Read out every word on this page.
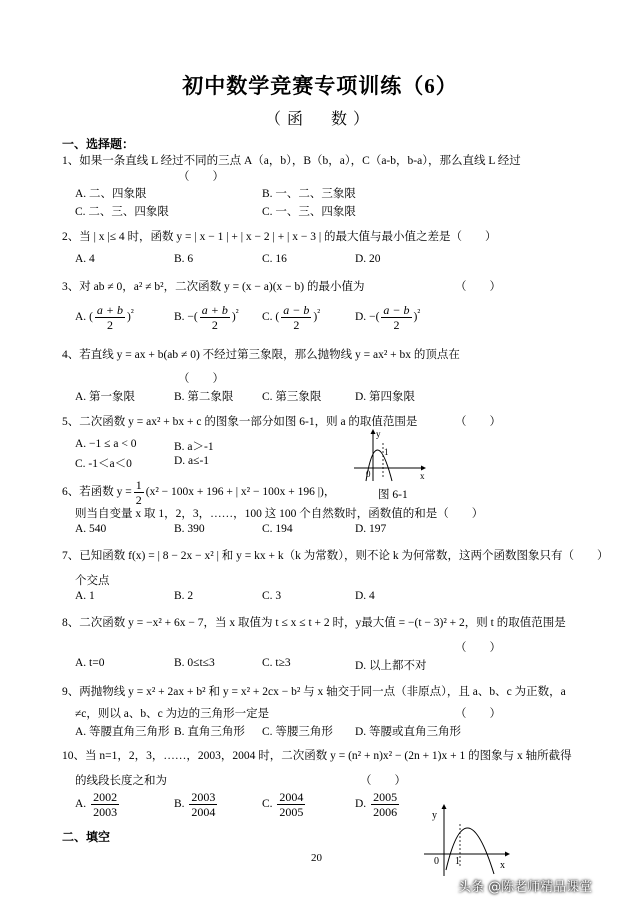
初中数学竞赛专项训练（6）
（函　数）
一、选择题：
1、如果一条直线 L 经过不同的三点 A（a，b），B（b，a），C（a-b，b-a），那么直线 L 经过
（　　）
A. 二、四象限	B. 一、二、三象限
C. 二、三、四象限	C. 一、三、四象限
2、当 | x |≤ 4 时，函数 y = | x − 1 | + | x − 2 | + | x − 3 | 的最大值与最小值之差是（　　）
A. 4	B. 6	C. 16	D. 20
3、对 ab ≠ 0，a² ≠ b²，二次函数 y = (x − a)(x − b) 的最小值为	（　　）
A. ( $\frac{a + b}{2} )^{^2}$	B. −( $\frac{a + b}{2} )^{^2}$ C. ( $\frac{a - b}{2} )^{^2}$	D. −( $\frac{a - b}{2} )^{^2}$
4、若直线 y = ax + b(ab ≠ 0) 不经过第三象限，那么抛物线 y = ax² + bx 的顶点在
（　　）
A. 第一象限	B. 第二象限 C. 第三象限	D. 第四象限
5、二次函数 y = ax² + bx + c 的图象一部分如图 6-1，则 a 的取值范围是	（　　）
A. −1 ≤ a < 0	B. a＞-1
C. -1＜a＜0	D. a≤-1
y
0
1
x
图 6-1
6、若函数 $y = \frac{1}{2} (x^2 - 100x + 196$ + | x² − 100x + 196 |)，
则当自变量 x 取 1，2，3，……，100 这 100 个自然数时，函数值的和是（　　）
A. 540	B. 390	C. 194	D. 197
7、已知函数 f(x) = | 8 − 2x − x² | 和 y = kx + k（k 为常数），则不论 k 为何常数，这两个函数图象只有（　　）
个交点
A. 1	B. 2	C. 3	D. 4
8、二次函数 y = −x² + 6x − 7，当 x 取值为 t ≤ x ≤ t + 2 时，y最大值 = −(t − 3)² + 2，则 t 的取值范围是
（　　）
A. t=0	B. 0≤t≤3	C. t≥3	D. 以上都不对
9、两抛物线 y = x² + 2ax + b² 和 y = x² + 2cx − b² 与 x 轴交于同一点（非原点），且 a、b、c 为正数，a
≠c，则以 a、b、c 为边的三角形一定是	（　　）
A. 等腰直角三角形 B. 直角三角形 C. 等腰三角形 D. 等腰或直角三角形
10、当 n=1，2，3，……，2003，2004 时，二次函数 y = (n² + n)x² − (2n + 1)x + 1 的图象与 x 轴所截得
的线段长度之和为	（　　）
A. $\frac{2002}{2003}$	B. $\frac{2003}{2004}$	C. $\frac{2004}{2005}$	D. $\frac{2005}{2006}$
二、填空
y
0 1	x
20
头条 @陈老师精品课堂
